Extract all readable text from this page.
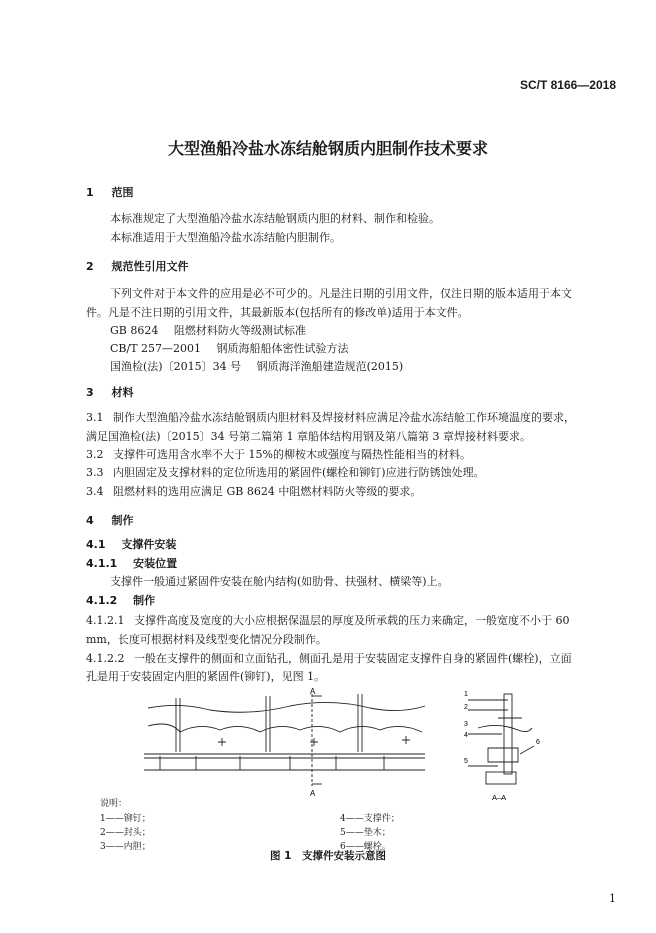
SC/T 8166—2018
大型渔船冷盐水冻结舱钢质内胆制作技术要求
1 范围
本标准规定了大型渔船冷盐水冻结舱钢质内胆的材料、制作和检验。
本标准适用于大型渔船冷盐水冻结舱内胆制作。
2 规范性引用文件
下列文件对于本文件的应用是必不可少的。凡是注日期的引用文件，仅注日期的版本适用于本文
件。凡是不注日期的引用文件，其最新版本(包括所有的修改单)适用于本文件。
GB 8624 阻燃材料防火等级测试标准
CB/T 257—2001 钢质海船船体密性试验方法
国渔检(法)〔2015〕34 号 钢质海洋渔船建造规范(2015)
3 材料
3.1 制作大型渔船冷盐水冻结舱钢质内胆材料及焊接材料应满足冷盐水冻结舱工作环境温度的要求，
满足国渔检(法)〔2015〕34 号第二篇第 1 章船体结构用钢及第八篇第 3 章焊接材料要求。
3.2 支撑件可选用含水率不大于 15%的柳桉木或强度与隔热性能相当的材料。
3.3 内胆固定及支撑材料的定位所选用的紧固件(螺栓和铆钉)应进行防锈蚀处理。
3.4 阻燃材料的选用应满足 GB 8624 中阻燃材料防火等级的要求。
4 制作
4.1 支撑件安装
4.1.1 安装位置
支撑件一般通过紧固件安装在舱内结构(如肋骨、扶强材、横梁等)上。
4.1.2 制作
4.1.2.1 支撑件高度及宽度的大小应根据保温层的厚度及所承载的压力来确定，一般宽度不小于 60
mm，长度可根据材料及线型变化情况分段制作。
4.1.2.2 一般在支撑件的侧面和立面钻孔，侧面孔是用于安装固定支撑件自身的紧固件(螺栓)，立面
孔是用于安装固定内胆的紧固件(铆钉)，见图 1。
A
A
1
2
3
4
5
6
A–A
说明：
1——铆钉；
2——封头；
3——内胆；
4——支撑件；
5——垫木；
6——螺栓。
图 1　支撑件安装示意图
1
